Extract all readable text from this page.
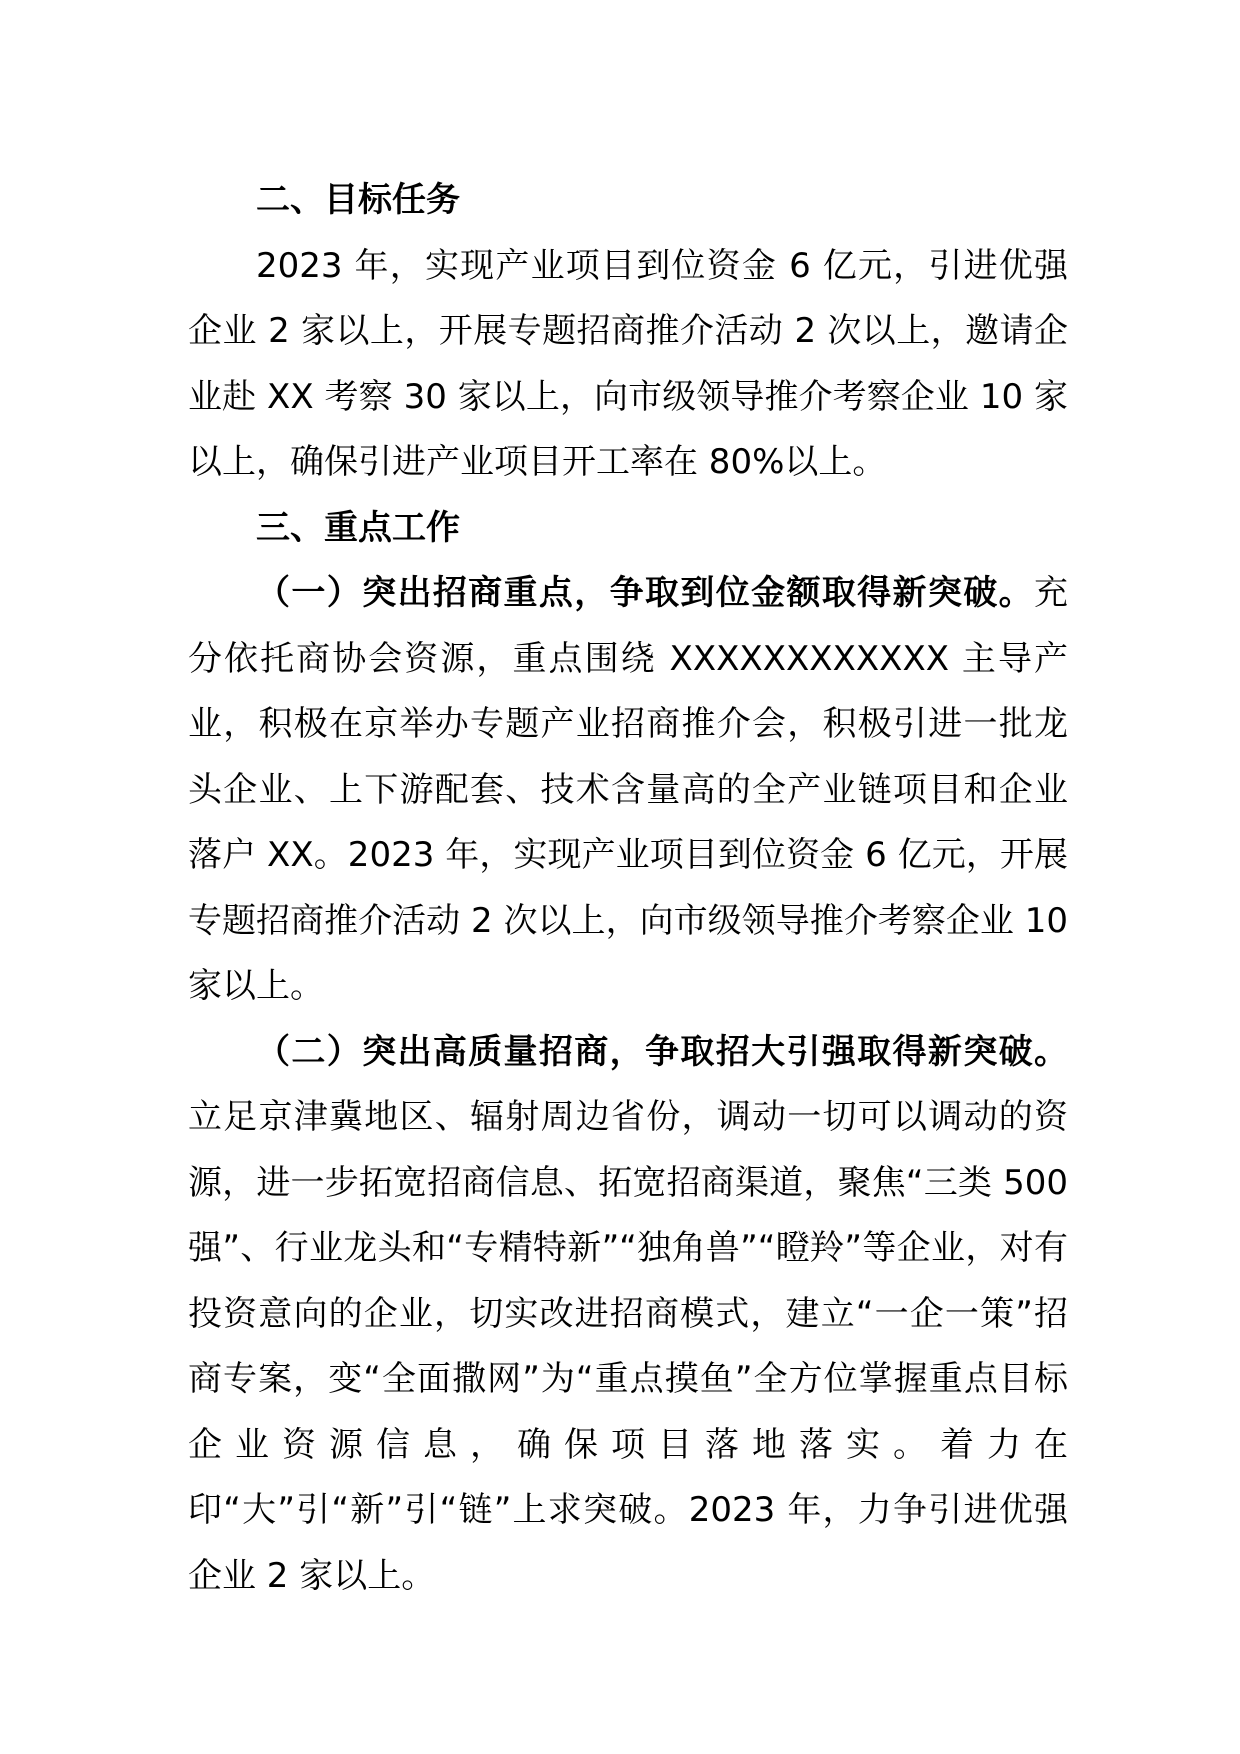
二、目标任务

2023 年，实现产业项目到位资金 6 亿元，引进优强企业 2 家以上，开展专题招商推介活动 2 次以上，邀请企业赴 XX 考察 30 家以上，向市级领导推介考察企业 10 家以上，确保引进产业项目开工率在 80%以上。

三、重点工作

（一）突出招商重点，争取到位金额取得新突破。充分依托商协会资源，重点围绕 XXXXXXXXXXXX 主导产业，积极在京举办专题产业招商推介会，积极引进一批龙头企业、上下游配套、技术含量高的全产业链项目和企业落户 XX。2023 年，实现产业项目到位资金 6 亿元，开展专题招商推介活动 2 次以上，向市级领导推介考察企业 10 家以上。

（二）突出高质量招商，争取招大引强取得新突破。立足京津冀地区、辐射周边省份，调动一切可以调动的资源，进一步拓宽招商信息、拓宽招商渠道，聚焦“三类 500 强”、行业龙头和“专精特新”“独角兽”“瞪羚”等企业，对有投资意向的企业，切实改进招商模式，建立“一企一策”招商专案，变“全面撒网”为“重点摸鱼”全方位掌握重点目标企业资源信息，确保项目落地落实。着力在印“大”引“新”引“链”上求突破。2023 年，力争引进优强企业 2 家以上。
